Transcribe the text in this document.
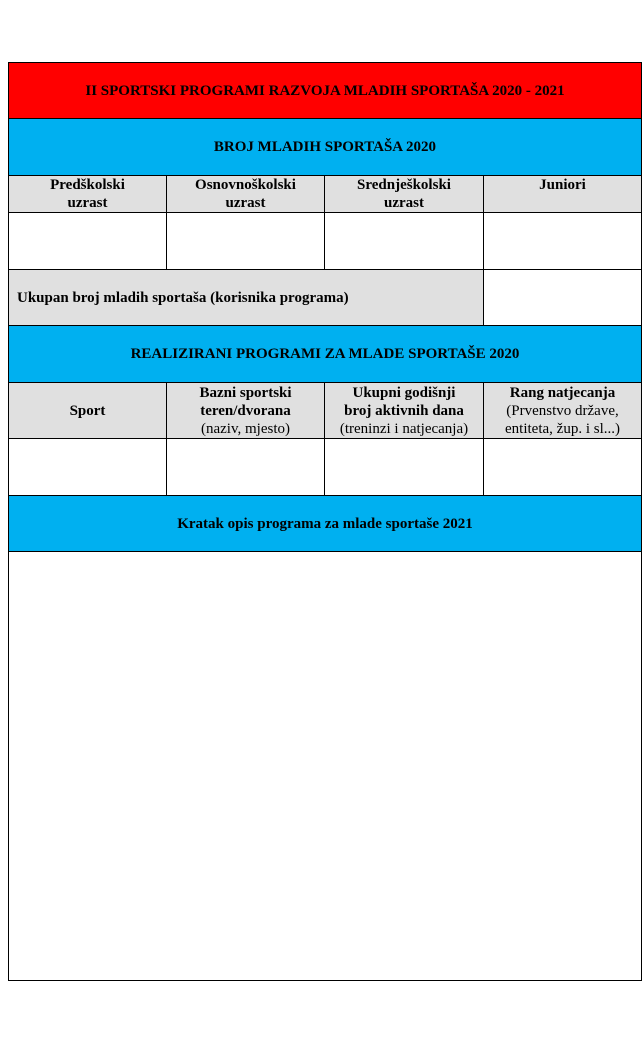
II SPORTSKI PROGRAMI RAZVOJA MLADIH SPORTAŠA 2020 - 2021			
BROJ MLADIH SPORTAŠA 2020			

Predškolski
uzrast	Osnovnoškolski
uzrast	Srednješkolski
uzrast	Juniori

Ukupan broj mladih sportaša (korisnika programa)			
REALIZIRANI PROGRAMI ZA MLADE SPORTAŠE 2020			

Sport	Bazni sportski
teren/dvorana
(naziv, mjesto)	Ukupni godišnji
broj aktivnih dana
(treninzi i natjecanja)	Rang natjecanja
(Prvenstvo države,
entiteta, žup. i sl...)

Kratak opis programa za mlade sportaše 2021			
